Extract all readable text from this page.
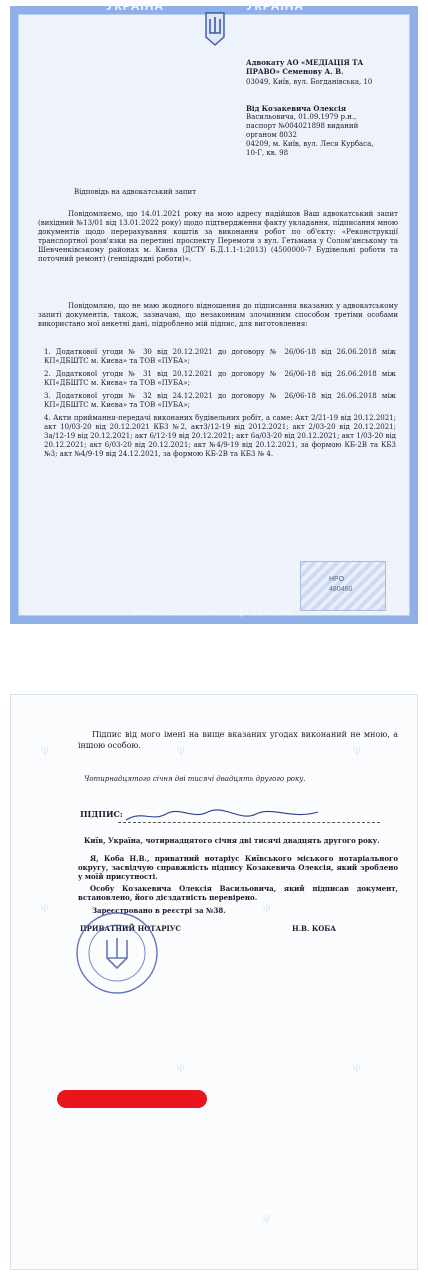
УКРАЇНА	УКРАЇНА
Адвокату АО «МЕДІАЦІЯ ТА
ПРАВО» Семенову А. В.
03049, Київ, вул. Богданівська, 10
Від Козакевича Олексія
Васильовича, 01.09.1979 р.н.,
паспорт №004021898 виданий
органом 8032
04209, м. Київ, вул. Леся Курбаса,
10-Г, кв. 98
Відповідь на адвокатський запит
Повідомляємо, що 14.01.2021 року на мою адресу надійшов Ваш адвокатський запит (вихідний №13/01 від 13.01.2022 року) щодо підтвердження факту укладання, підписання мною документів щодо перерахування коштів за виконання робот по об'єкту: «Реконструкції транспортної розв'язки на перетині проспекту Перемоги з вул. Гетьмана у Солом'янському та Шевченківському районах м. Києва (ДСТУ Б.Д.1.1-1:2013) (4500000-7 Будівельні роботи та поточний ремонт) (генпідрядні роботи)».
Повідомляю, що не маю жодного відношення до підписання вказаних у адвокатському запиті документів, також, зазначаю, що незаконним злочинним способом третіми особами використано мої анкетні дані, підроблено мій підпис, для виготовлення:
1. Додаткової угоди № 30 від 20.12.2021 до договору № 26/06-18 від 26.06.2018 між КП«ДБШТС м. Києва» та ТОВ «ПУБА»;
2. Додаткової угоди № 31 від 20.12.2021 до договору № 26/06-18 від 26.06.2018 між КП«ДБШТС м. Києва» та ТОВ «ПУБА»;
3. Додаткової угоди № 32 від 24.12.2021 до договору № 26/06-18 від 26.06.2018 між КП«ДБШТС м. Києва» та ТОВ «ПУБА»;
4. Акти приймання-передачі виконаних будівельних робіт, а саме: Акт 2/21-19 від 20.12.2021; акт 10/03-20 від 20.12.2021 КБ3 №2, акт3/12-19 від 2012.2021; акт 2/03-20 від 20.12.2021; 3а/12-19 від 20.12.2021; акт 6/12-19 від 20.12.2021; акт 6а/03-20 від 20.12.2021; акт 1/03-20 від 20.12.2021; акт 6/03-20 від 20.12.2021; акт №4/9-19 від 20.12.2021, за формою КБ-2В та КБ3 №3; акт №4/9-19 від 24.12.2021, за формою КБ-2В та КБ3 № 4.
НРО
480460
МІНІСТЕРСТВО ЮСТИЦІЇ УКРАЇНИ
ψ	ψ	ψ
ψ	ψ
ψ	ψ
ψ
Підпис від мого імені на вище вказаних угодах виконаний не мною, а іншою особою.
Чотирнадцятого січня дві тисячі двадцять другого року.
ПІДПИС:
Київ, Україна, чотирнадцятого січня дві тисячі двадцять другого року.
Я, Коба Н.В., приватний нотаріус Київського міського нотаріального округу, засвідчую справжність підпису Козакевича Олексія, який зроблено у моїй присутності.
Особу Козакевича Олексія Васильовича, який підписав документ, встановлено, його дієздатність перевірено.
Зареєстровано в реєстрі за №38.
ПРИВАТНИЙ НОТАРІУС	Н.В. КОБА
